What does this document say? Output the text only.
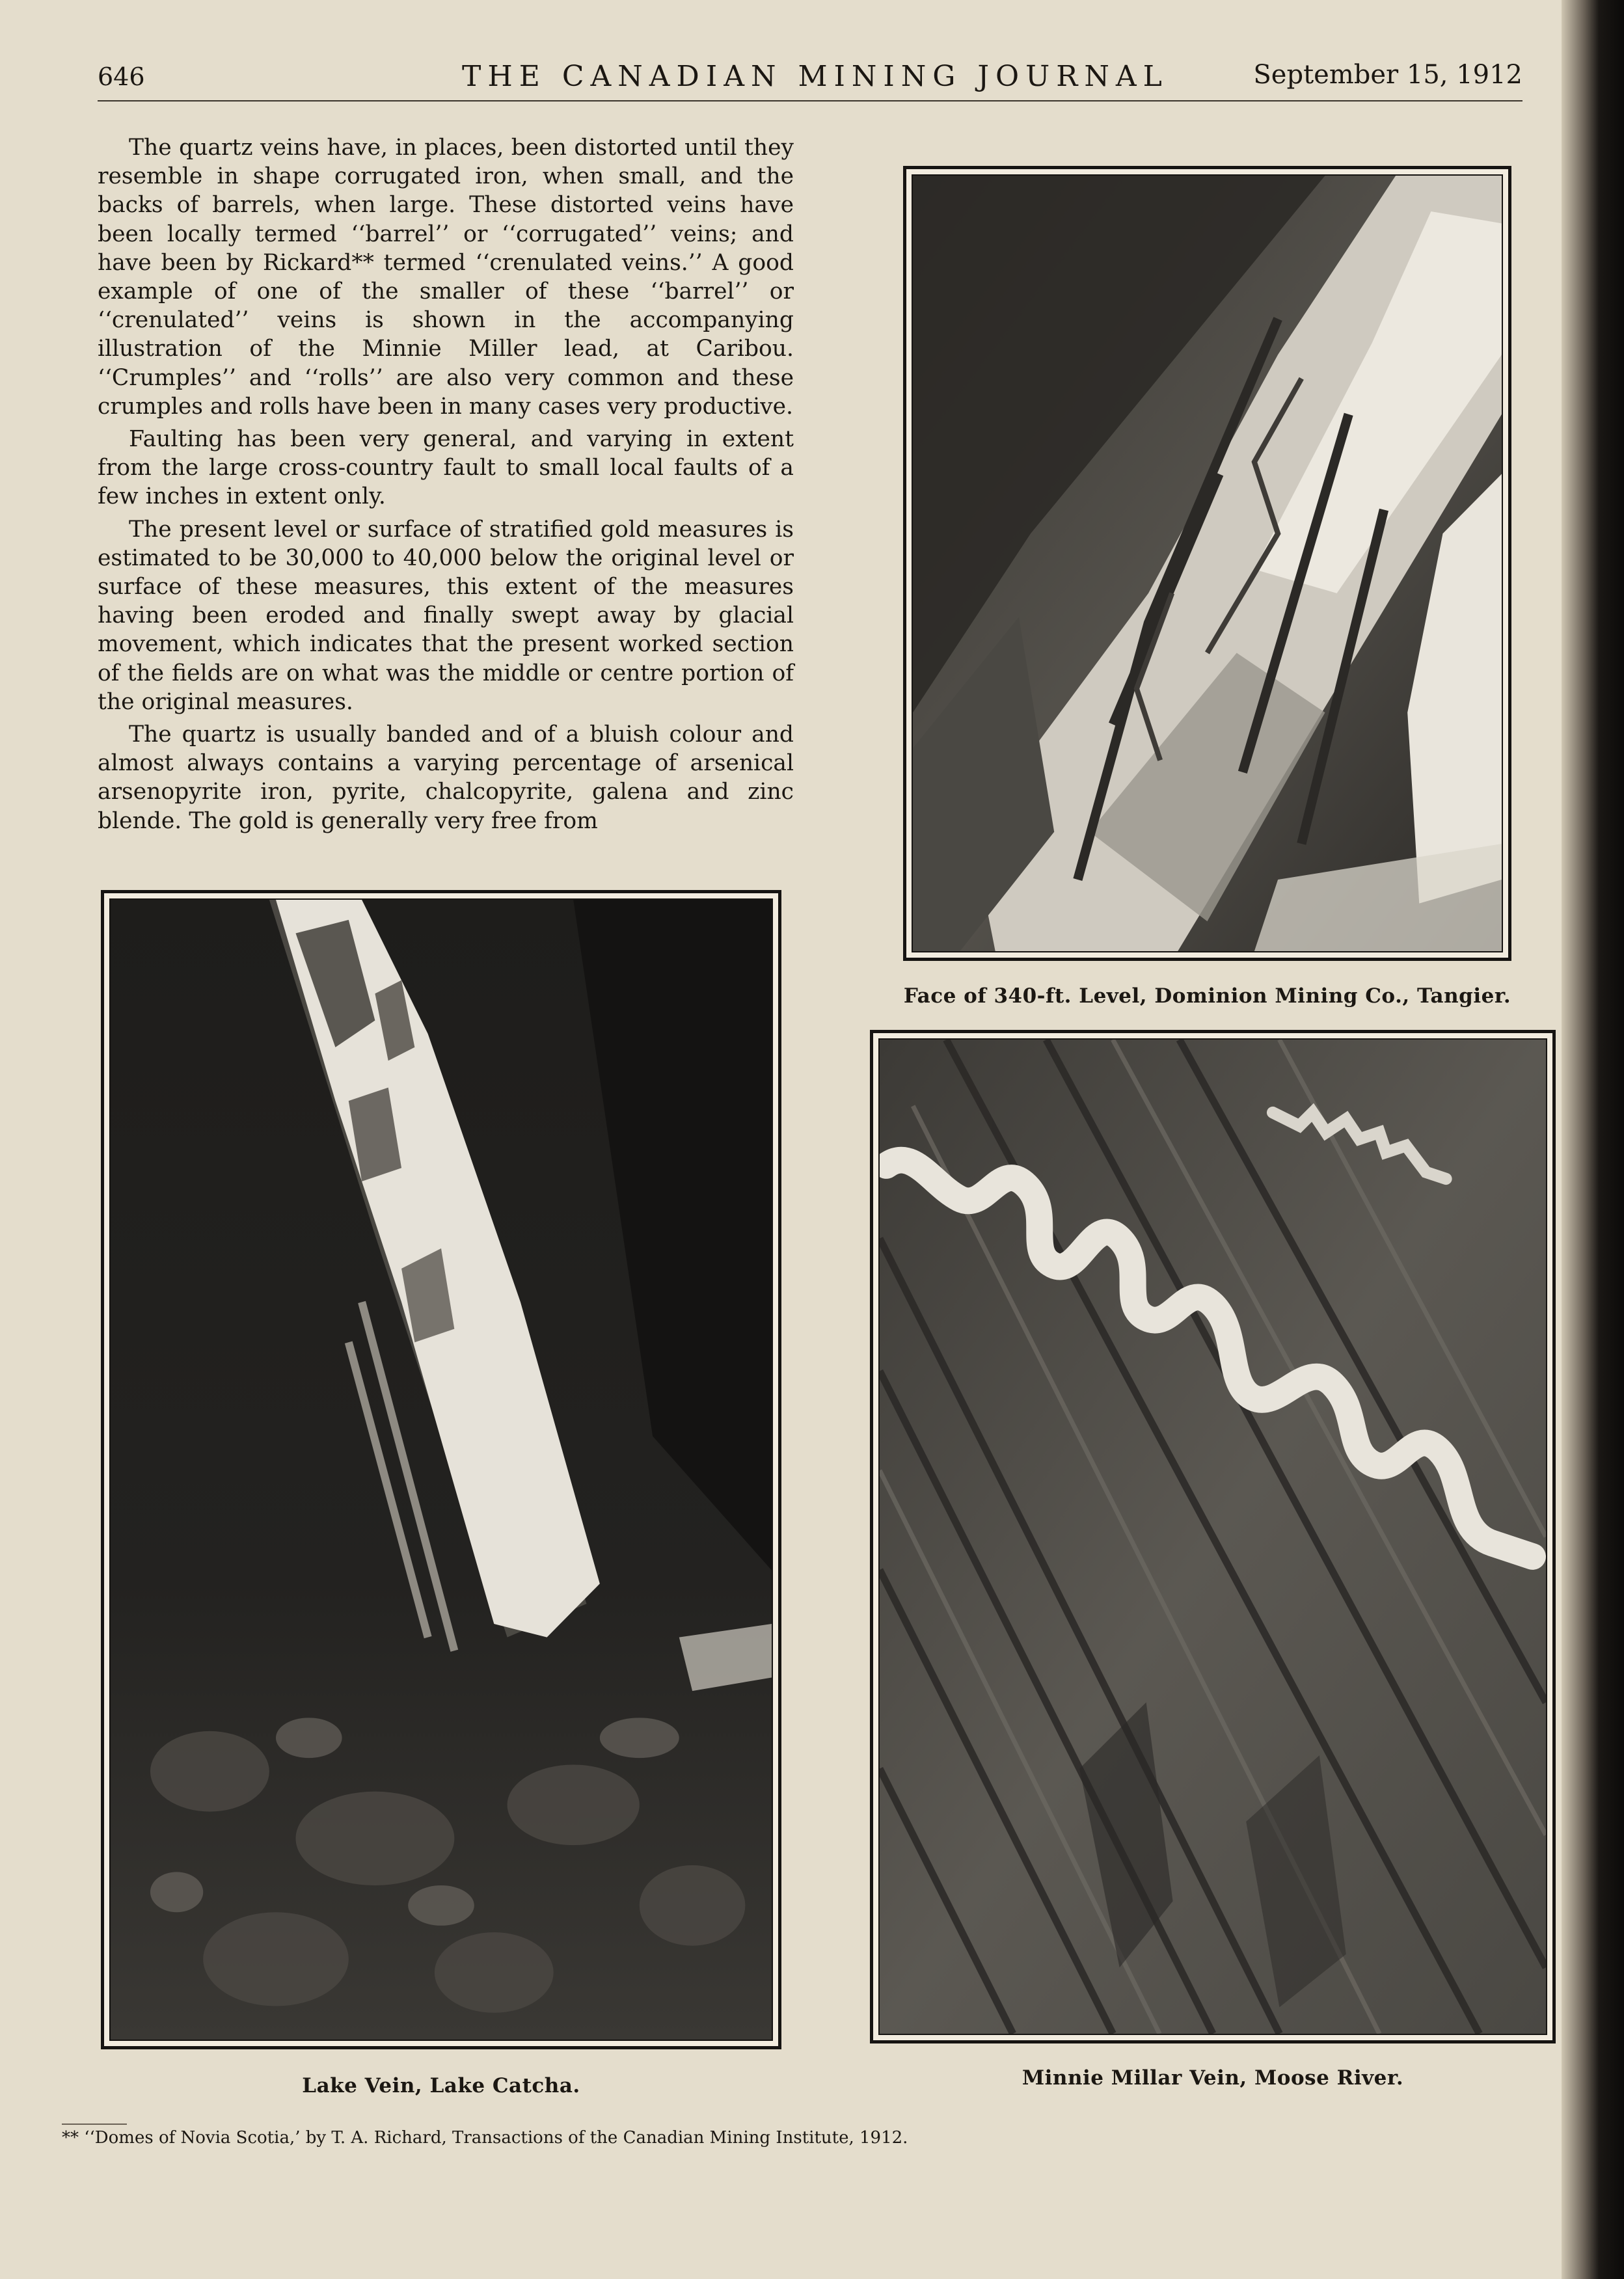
646	THE CANADIAN MINING JOURNAL	September 15, 1912

The quartz veins have, in places, been distorted until they resemble in shape corrugated iron, when small, and the backs of barrels, when large. These distorted veins have been locally termed ‘‘barrel’’ or ‘‘corrugated’’ veins; and have been by Rickard** termed ‘‘crenulated veins.’’ A good example of one of the smaller of these ‘‘barrel’’ or ‘‘crenulated’’ veins is shown in the accompanying illustration of the Minnie Miller lead, at Caribou. ‘‘Crumples’’ and ‘‘rolls’’ are also very common and these crumples and rolls have been in many cases very productive.

Faulting has been very general, and varying in extent from the large cross-country fault to small local faults of a few inches in extent only.

The present level or surface of stratified gold measures is estimated to be 30,000 to 40,000 below the original level or surface of these measures, this extent of the measures having been eroded and finally swept away by glacial movement, which indicates that the present worked section of the fields are on what was the middle or centre portion of the original measures.

The quartz is usually banded and of a bluish colour and almost always contains a varying percentage of arsenical arsenopyrite iron, pyrite, chalcopyrite, galena and zinc blende. The gold is generally very free from

Face of 340-ft. Level, Dominion Mining Co., Tangier.
Lake Vein, Lake Catcha.	Minnie Millar Vein, Moose River.
** ‘‘Domes of Novia Scotia,’ by T. A. Richard, Transactions of the Canadian Mining Institute, 1912.
